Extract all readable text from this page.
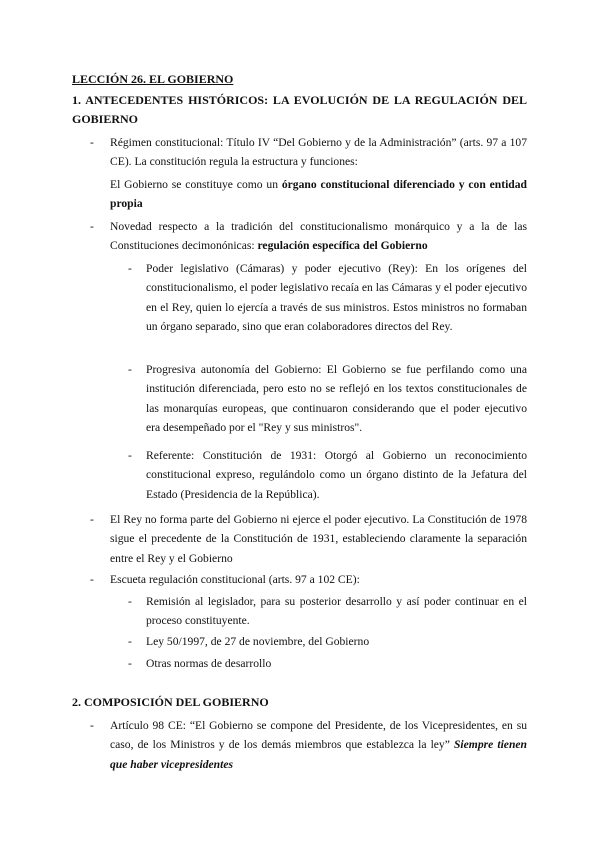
LECCIÓN 26. EL GOBIERNO
1. ANTECEDENTES HISTÓRICOS: LA EVOLUCIÓN DE LA REGULACIÓN DEL GOBIERNO
- Régimen constitucional: Título IV “Del Gobierno y de la Administración” (arts. 97 a 107 CE). La constitución regula la estructura y funciones:
El Gobierno se constituye como un órgano constitucional diferenciado y con entidad propia
- Novedad respecto a la tradición del constitucionalismo monárquico y a la de las Constituciones decimonónicas: regulación específica del Gobierno
- Poder legislativo (Cámaras) y poder ejecutivo (Rey): En los orígenes del constitucionalismo, el poder legislativo recaía en las Cámaras y el poder ejecutivo en el Rey, quien lo ejercía a través de sus ministros. Estos ministros no formaban un órgano separado, sino que eran colaboradores directos del Rey.
- Progresiva autonomía del Gobierno: El Gobierno se fue perfilando como una institución diferenciada, pero esto no se reflejó en los textos constitucionales de las monarquías europeas, que continuaron considerando que el poder ejecutivo era desempeñado por el "Rey y sus ministros".
- Referente: Constitución de 1931: Otorgó al Gobierno un reconocimiento constitucional expreso, regulándolo como un órgano distinto de la Jefatura del Estado (Presidencia de la República).
- El Rey no forma parte del Gobierno ni ejerce el poder ejecutivo. La Constitución de 1978 sigue el precedente de la Constitución de 1931, estableciendo claramente la separación entre el Rey y el Gobierno
- Escueta regulación constitucional (arts. 97 a 102 CE):
- Remisión al legislador, para su posterior desarrollo y así poder continuar en el proceso constituyente.
- Ley 50/1997, de 27 de noviembre, del Gobierno
- Otras normas de desarrollo
2. COMPOSICIÓN DEL GOBIERNO
- Artículo 98 CE: “El Gobierno se compone del Presidente, de los Vicepresidentes, en su caso, de los Ministros y de los demás miembros que establezca la ley” Siempre tienen que haber vicepresidentes
